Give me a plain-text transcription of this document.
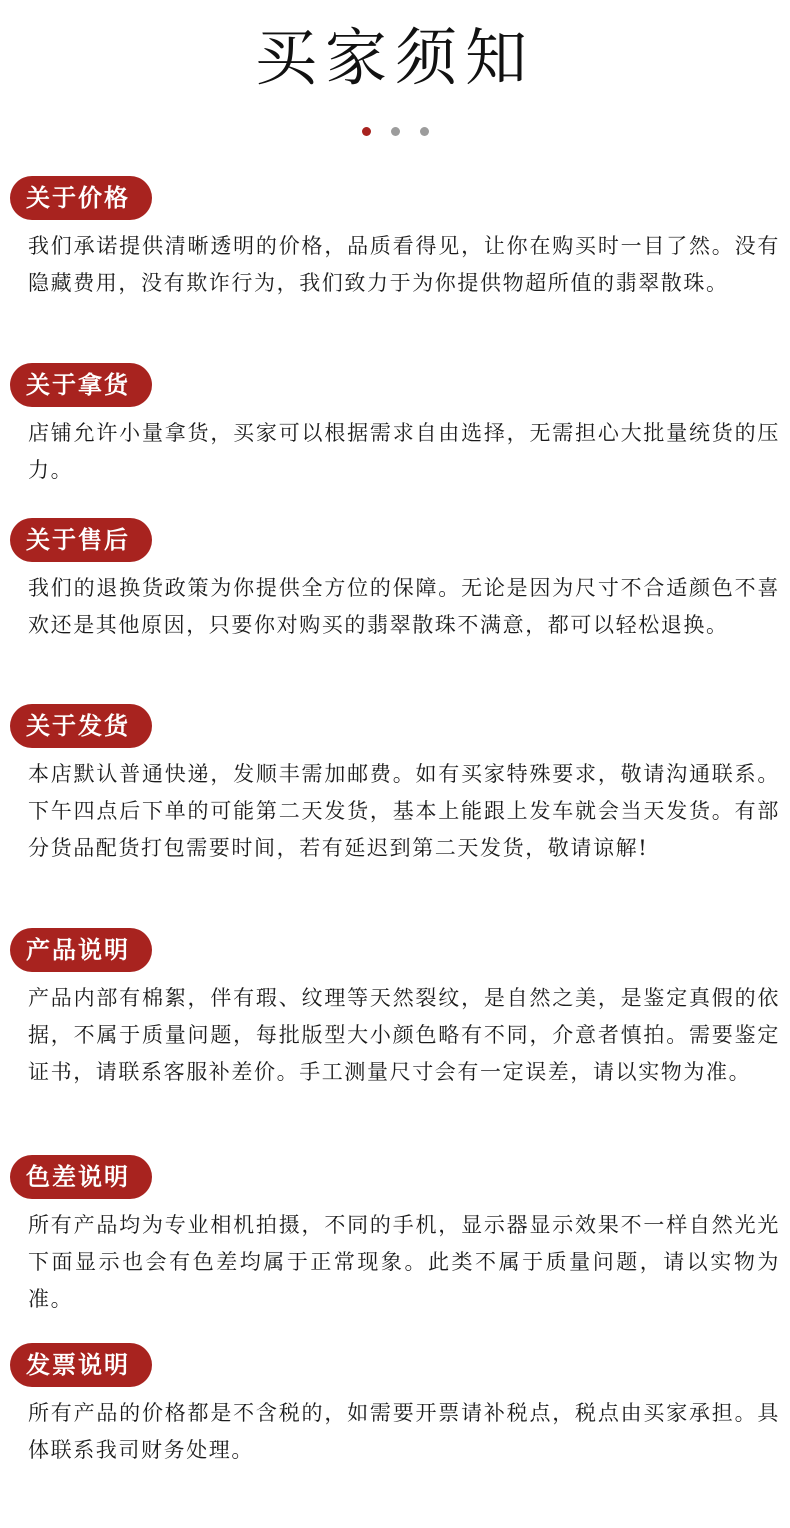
买家须知

关于价格
我们承诺提供清晰透明的价格，品质看得见，让你在购买时一目了然。没有隐藏费用，没有欺诈行为，我们致力于为你提供物超所值的翡翠散珠。
关于拿货
店铺允许小量拿货，买家可以根据需求自由选择，无需担心大批量统货的压力。
关于售后
我们的退换货政策为你提供全方位的保障。无论是因为尺寸不合适颜色不喜欢还是其他原因，只要你对购买的翡翠散珠不满意，都可以轻松退换。
关于发货
本店默认普通快递，发顺丰需加邮费。如有买家特殊要求，敬请沟通联系。下午四点后下单的可能第二天发货，基本上能跟上发车就会当天发货。有部分货品配货打包需要时间，若有延迟到第二天发货，敬请谅解!
产品说明
产品内部有棉絮，伴有瑕、纹理等天然裂纹，是自然之美，是鉴定真假的依据，不属于质量问题，每批版型大小颜色略有不同，介意者慎拍。需要鉴定证书，请联系客服补差价。手工测量尺寸会有一定误差，请以实物为准。
色差说明
所有产品均为专业相机拍摄，不同的手机，显示器显示效果不一样自然光光下面显示也会有色差均属于正常现象。此类不属于质量问题，请以实物为准。
发票说明
所有产品的价格都是不含税的，如需要开票请补税点，税点由买家承担。具体联系我司财务处理。
